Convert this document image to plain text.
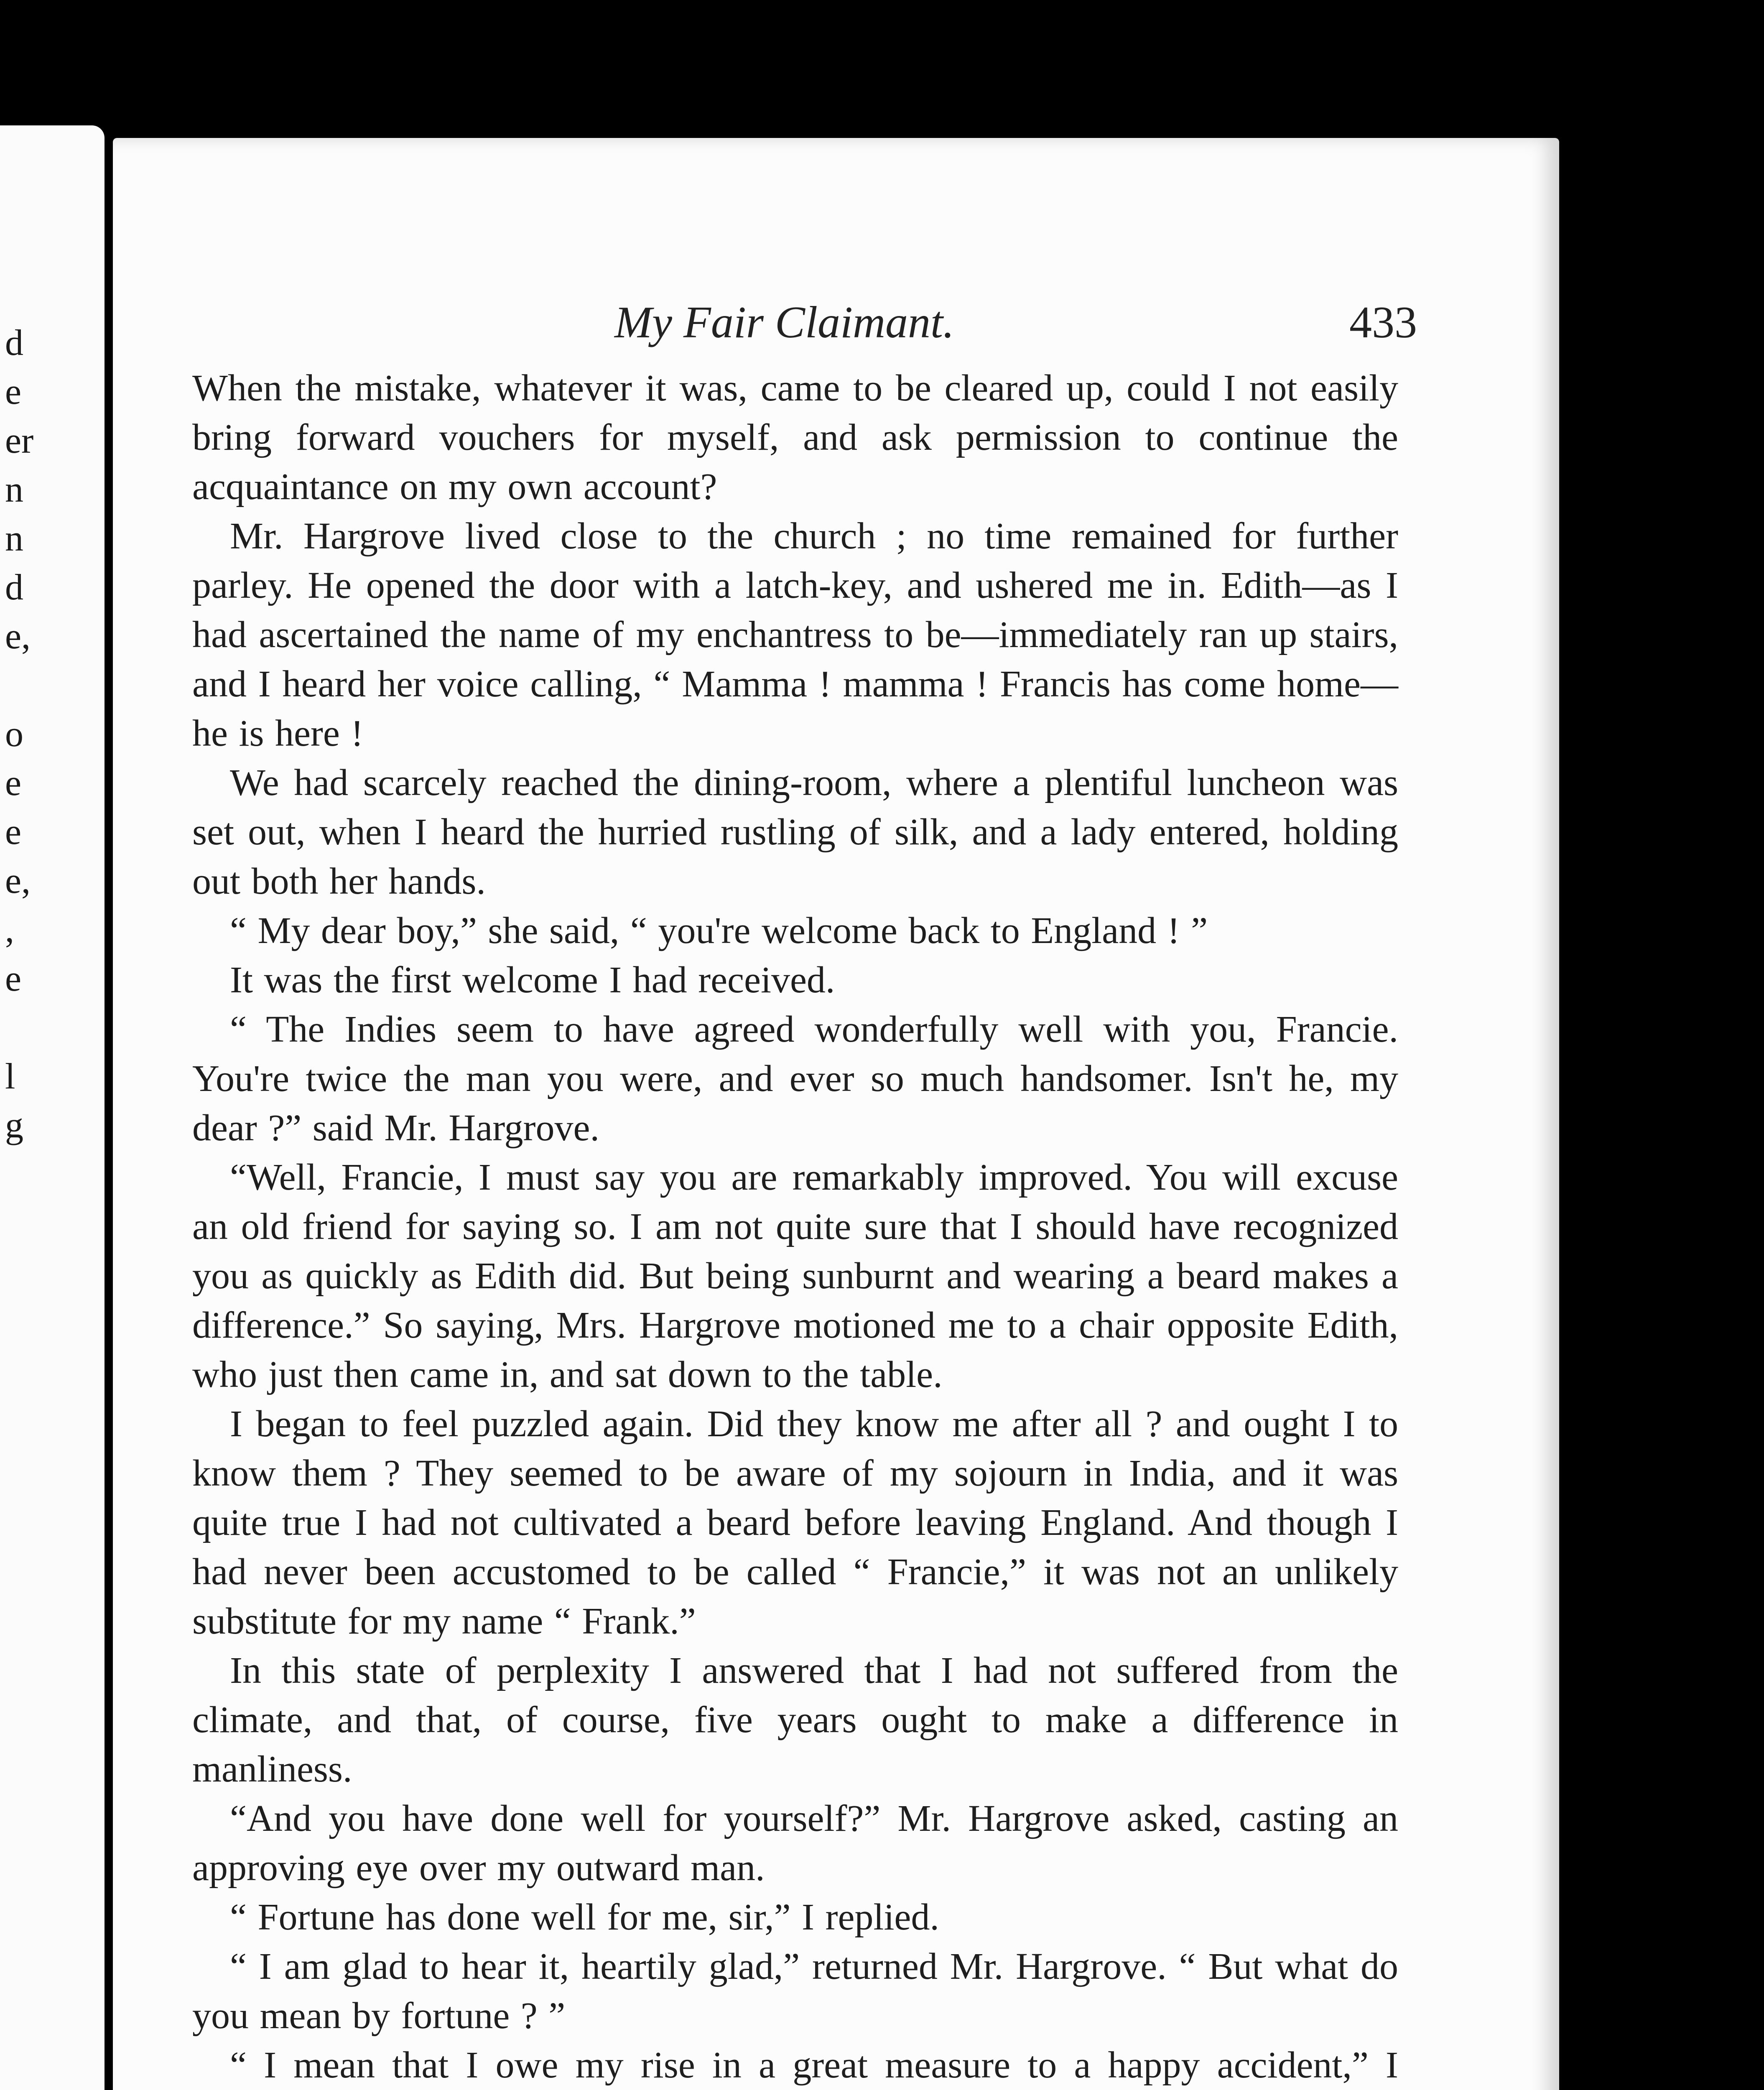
d
e
er
n
n
d
e,
o
e
e
e,
,
e
l
g
My Fair Claimant.	433

When the mistake, whatever it was, came to be cleared up, could I not easily bring forward vouchers for myself, and ask permission to continue the acquaintance on my own account?

Mr. Hargrove lived close to the church ; no time remained for further parley. He opened the door with a latch-key, and ushered me in. Edith—as I had ascertained the name of my enchantress to be—immediately ran up stairs, and I heard her voice calling, “ Mamma ! mamma ! Francis has come home—he is here !

We had scarcely reached the dining-room, where a plentiful luncheon was set out, when I heard the hurried rustling of silk, and a lady entered, holding out both her hands.

“ My dear boy,” she said, “ you're welcome back to England ! ”

It was the first welcome I had received.

“ The Indies seem to have agreed wonderfully well with you, Francie. You're twice the man you were, and ever so much handsomer. Isn't he, my dear ?” said Mr. Hargrove.

“Well, Francie, I must say you are remarkably improved. You will excuse an old friend for saying so. I am not quite sure that I should have recognized you as quickly as Edith did. But being sunburnt and wearing a beard makes a difference.” So saying, Mrs. Hargrove motioned me to a chair opposite Edith, who just then came in, and sat down to the table.

I began to feel puzzled again. Did they know me after all ? and ought I to know them ? They seemed to be aware of my sojourn in India, and it was quite true I had not cultivated a beard before leaving England. And though I had never been accustomed to be called “ Francie,” it was not an unlikely substitute for my name “ Frank.”

In this state of perplexity I answered that I had not suffered from the climate, and that, of course, five years ought to make a difference in manliness.

“And you have done well for yourself?” Mr. Hargrove asked, casting an approving eye over my outward man.

“ Fortune has done well for me, sir,” I replied.

“ I am glad to hear it, heartily glad,” returned Mr. Hargrove. “ But what do you mean by fortune ? ”

“ I mean that I owe my rise in a great measure to a happy accident,” I
